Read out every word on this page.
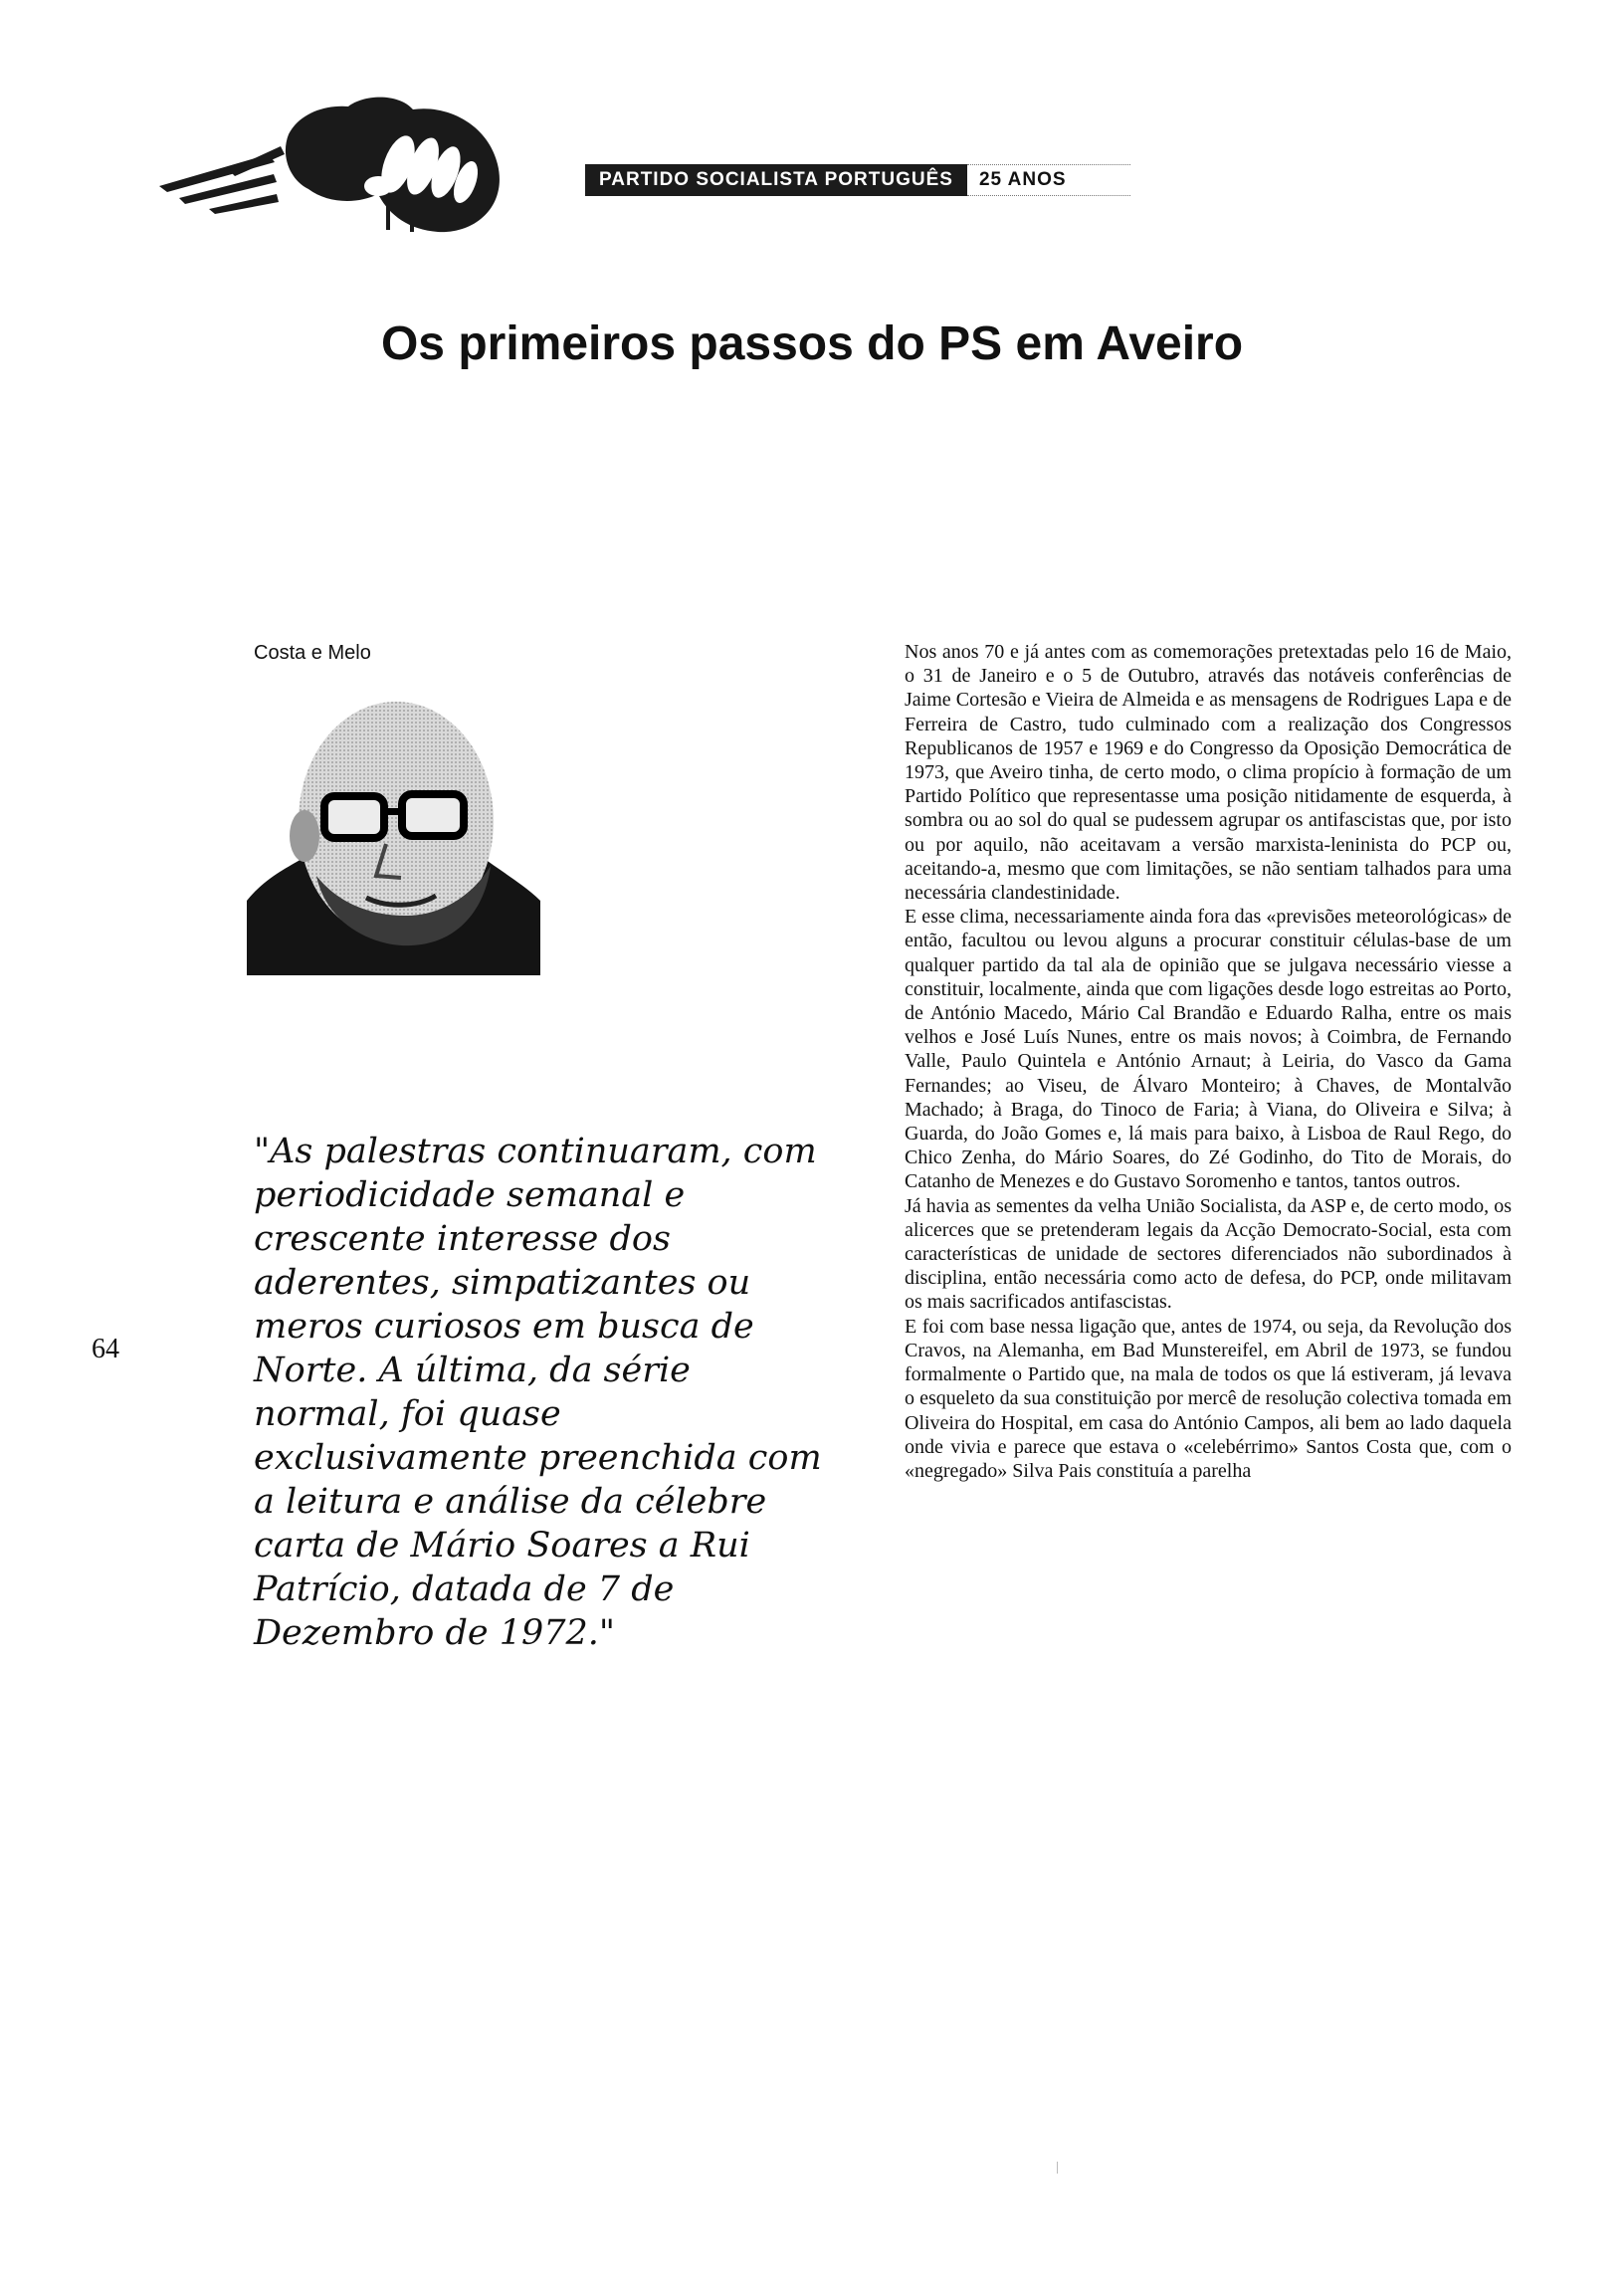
PARTIDO SOCIALISTA PORTUGUÊS	25 ANOS
Os primeiros passos do PS em Aveiro
Costa e Melo

"As palestras continuaram, com periodicidade semanal e crescente interesse dos aderentes, simpatizantes ou meros curiosos em busca de Norte. A última, da série normal, foi quase exclusivamente preenchida com a leitura e análise da célebre carta de Mário Soares a Rui Patrício, datada de 7 de Dezembro de 1972."

64

Nos anos 70 e já antes com as comemorações pretextadas pelo 16 de Maio, o 31 de Janeiro e o 5 de Outubro, através das notáveis conferências de Jaime Cortesão e Vieira de Almeida e as mensagens de Rodrigues Lapa e de Ferreira de Castro, tudo culminado com a realização dos Congressos Republicanos de 1957 e 1969 e do Congresso da Oposição Democrática de 1973, que Aveiro tinha, de certo modo, o clima propício à formação de um Partido Político que representasse uma posição nitidamente de esquerda, à sombra ou ao sol do qual se pudessem agrupar os antifascistas que, por isto ou por aquilo, não aceitavam a versão marxista-leninista do PCP ou, aceitando-a, mesmo que com limitações, se não sentiam talhados para uma necessária clandestinidade.

E esse clima, necessariamente ainda fora das «previsões meteorológicas» de então, facultou ou levou alguns a procurar constituir células-base de um qualquer partido da tal ala de opinião que se julgava necessário viesse a constituir, localmente, ainda que com ligações desde logo estreitas ao Porto, de António Macedo, Mário Cal Brandão e Eduardo Ralha, entre os mais velhos e José Luís Nunes, entre os mais novos; à Coimbra, de Fernando Valle, Paulo Quintela e António Arnaut; à Leiria, do Vasco da Gama Fernandes; ao Viseu, de Álvaro Monteiro; à Chaves, de Montalvão Machado; à Braga, do Tinoco de Faria; à Viana, do Oliveira e Silva; à Guarda, do João Gomes e, lá mais para baixo, à Lisboa de Raul Rego, do Chico Zenha, do Mário Soares, do Zé Godinho, do Tito de Morais, do Catanho de Menezes e do Gustavo Soromenho e tantos, tantos outros.

Já havia as sementes da velha União Socialista, da ASP e, de certo modo, os alicerces que se pretenderam legais da Acção Democrato-Social, esta com características de unidade de sectores diferenciados não subordinados à disciplina, então necessária como acto de defesa, do PCP, onde militavam os mais sacrificados antifascistas.

E foi com base nessa ligação que, antes de 1974, ou seja, da Revolução dos Cravos, na Alemanha, em Bad Munstereifel, em Abril de 1973, se fundou formalmente o Partido que, na mala de todos os que lá estiveram, já levava o esqueleto da sua constituição por mercê de resolução colectiva tomada em Oliveira do Hospital, em casa do António Campos, ali bem ao lado daquela onde vivia e parece que estava o «celebérrimo» Santos Costa que, com o «negregado» Silva Pais constituía a parelha
